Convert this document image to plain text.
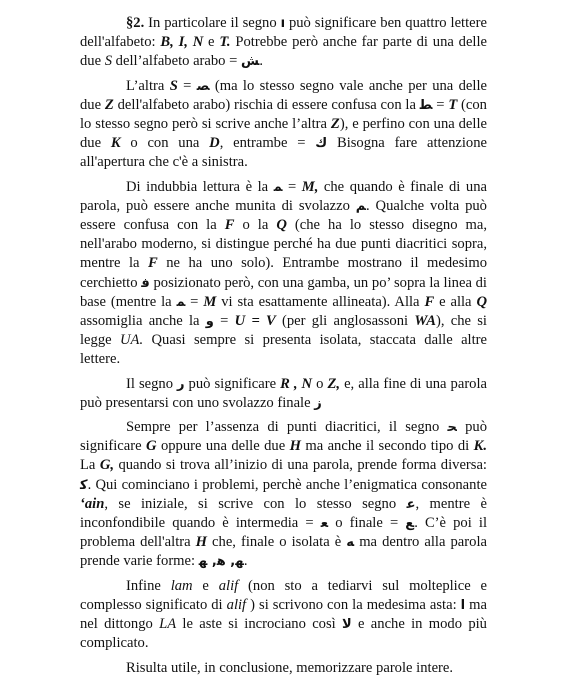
§2. In particolare il segno ı può significare ben quattro lettere dell'alfabeto: B, I, N e T. Potrebbe però anche far parte di una delle due S dell’alfabeto arabo = ﺶ.

L’altra S = ﺼ (ma lo stesso segno vale anche per una delle due Z dell'alfabeto arabo) rischia di essere confusa con la ﻄ = T (con lo stesso segno però si scrive anche l’altra Z), e perfino con una delle due K o con una D, entrambe = ﻙ Bisogna fare attenzione all'apertura che c'è a sinistra.

Di indubbia lettura è la ﻤ = M, che quando è finale di una parola, può essere anche munita di svolazzo ﻢ. Qualche volta può essere confusa con la F o la Q (che ha lo stesso disegno ma, nell'arabo moderno, si distingue perché ha due punti diacritici sopra, mentre la F ne ha uno solo). Entrambe mostrano il medesimo cerchietto ﻓ posizionato però, con una gamba, un po’ sopra la linea di base (mentre la ﻤ = M vi sta esattamente allineata). Alla F e alla Q assomiglia anche la ﻭ = U = V (per gli anglosassoni WA), che si legge UA. Quasi sempre si presenta isolata, staccata dalle altre lettere.

Il segno ﺭ può significare R , N o Z, e, alla fine di una parola può presentarsi con uno svolazzo finale ﺯ

Sempre per l’assenza di punti diacritici, il segno ﺤ può significare G oppure una delle due H ma anche il secondo tipo di K. La G, quando si trova all’inizio di una parola, prende forma diversa: ﻛ. Qui cominciano i problemi, perchè anche l’enigmatica consonante ‘ain, se iniziale, si scrive con lo stesso segno ﻋ, mentre è inconfondibile quando è intermedia = ﻌ o finale = ﻊ. C’è poi il problema dell'altra H che, finale o isolata è ﻪ ma dentro alla parola prende varie forme: ﻬ, ﻫ, ﻬ.

Infine lam e alif (non sto a tediarvi sul molteplice e complesso significato di alif ) si scrivono con la medesima asta: ا ma nel dittongo LA le aste si incrociano così ﻻ e anche in modo più complicato.

Risulta utile, in conclusione, memorizzare parole intere.
